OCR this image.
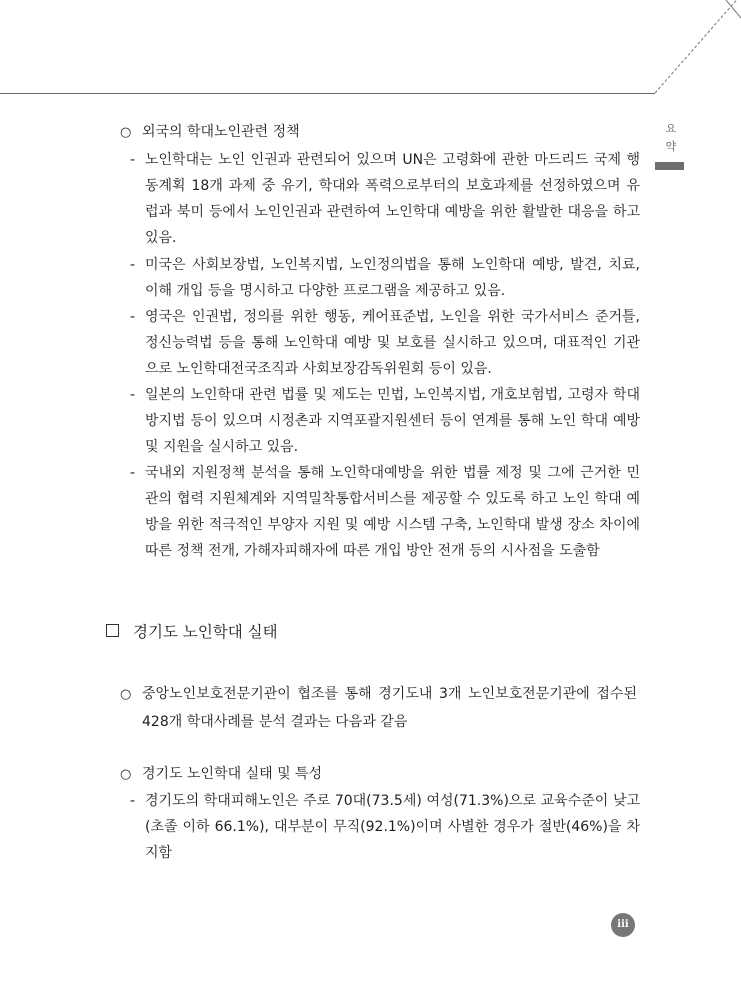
요
약
○ 외국의 학대노인관련 정책
- 노인학대는 노인 인권과 관련되어 있으며 UN은 고령화에 관한 마드리드 국제 행동계획 18개 과제 중 유기, 학대와 폭력으로부터의 보호과제를 선정하였으며 유럽과 북미 등에서 노인인권과 관련하여 노인학대 예방을 위한 활발한 대응을 하고 있음.
- 미국은 사회보장법, 노인복지법, 노인정의법을 통해 노인학대 예방, 발견, 치료, 이해 개입 등을 명시하고 다양한 프로그램을 제공하고 있음.
- 영국은 인권법, 정의를 위한 행동, 케어표준법, 노인을 위한 국가서비스 준거틀, 정신능력법 등을 통해 노인학대 예방 및 보호를 실시하고 있으며, 대표적인 기관으로 노인학대전국조직과 사회보장감독위원회 등이 있음.
- 일본의 노인학대 관련 법률 및 제도는 민법, 노인복지법, 개호보험법, 고령자 학대방지법 등이 있으며 시정촌과 지역포괄지원센터 등이 연계를 통해 노인 학대 예방 및 지원을 실시하고 있음.
- 국내외 지원정책 분석을 통해 노인학대예방을 위한 법률 제정 및 그에 근거한 민관의 협력 지원체계와 지역밀착통합서비스를 제공할 수 있도록 하고 노인 학대 예방을 위한 적극적인 부양자 지원 및 예방 시스템 구축, 노인학대 발생 장소 차이에 따른 정책 전개, 가해자피해자에 따른 개입 방안 전개 등의 시사점을 도출함
경기도 노인학대 실태
○ 중앙노인보호전문기관이 협조를 통해 경기도내 3개 노인보호전문기관에 접수된 428개 학대사례를 분석 결과는 다음과 같음
○ 경기도 노인학대 실태 및 특성
- 경기도의 학대피해노인은 주로 70대(73.5세) 여성(71.3%)으로 교육수준이 낮고 (초졸 이하 66.1%), 대부분이 무직(92.1%)이며 사별한 경우가 절반(46%)을 차지함
iii
